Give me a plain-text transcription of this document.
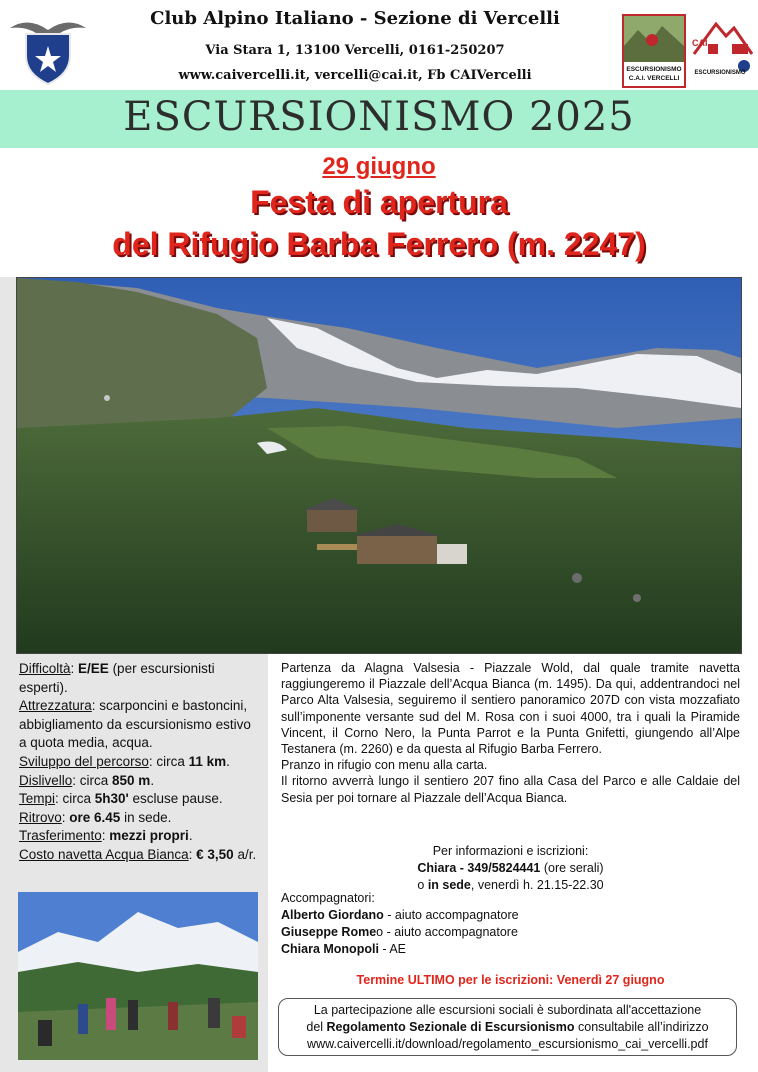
Club Alpino Italiano - Sezione di Vercelli
Via Stara 1, 13100 Vercelli, 0161-250207
www.caivercelli.it, vercelli@cai.it, Fb CAIVercelli	ESCURSIONISMO
C.A.I. VERCELLI
CAI
ESCURSIONISMO
ESCURSIONISMO 2025
29 giugno
Festa di apertura
del Rifugio Barba Ferrero (m. 2247)

Difficoltà: E/EE (per escursionisti esperti).

Attrezzatura: scarponcini e bastoncini, abbigliamento da escursionismo estivo a quota media, acqua.

Sviluppo del percorso: circa 11 km.

Dislivello: circa 850 m.

Tempi: circa 5h30' escluse pause.

Ritrovo: ore 6.45 in sede.

Trasferimento: mezzi propri.

Costo navetta Acqua Bianca: € 3,50 a/r.

Partenza da Alagna Valsesia - Piazzale Wold, dal quale tramite navetta raggiungeremo il Piazzale dell’Acqua Bianca (m. 1495). Da qui, addentrandoci nel Parco Alta Valsesia, seguiremo il sentiero panoramico 207D con vista mozzafiato sull’imponente versante sud del M. Rosa con i suoi 4000, tra i quali la Piramide Vincent, il Corno Nero, la Punta Parrot e la Punta Gnifetti, giungendo all’Alpe Testanera (m. 2260) e da questa al Rifugio Barba Ferrero.

Pranzo in rifugio con menu alla carta.

Il ritorno avverrà lungo il sentiero 207 fino alla Casa del Parco e alle Caldaie del Sesia per poi tornare al Piazzale dell’Acqua Bianca.

Per informazioni e iscrizioni:

Chiara - 349/5824441 (ore serali)

o in sede, venerdì h. 21.15-22.30

Accompagnatori:

Alberto Giordano - aiuto accompagnatore

Giuseppe Romeo - aiuto accompagnatore

Chiara Monopoli - AE

Termine ULTIMO per le iscrizioni: Venerdì 27 giugno

La partecipazione alle escursioni sociali è subordinata all'accettazione

del Regolamento Sezionale di Escursionismo consultabile all’indirizzo

www.caivercelli.it/download/regolamento_escursionismo_cai_vercelli.pdf
